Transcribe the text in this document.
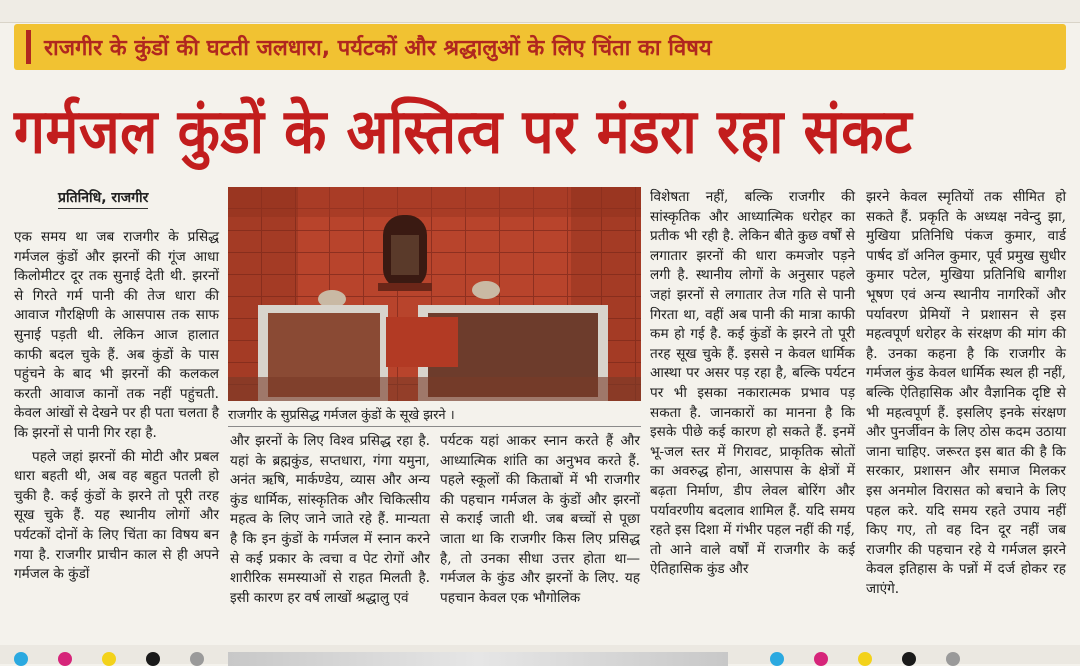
राजगीर के कुंडों की घटती जलधारा, पर्यटकों और श्रद्धालुओं के लिए चिंता का विषय
गर्मजल कुंडों के अस्तित्व पर मंडरा रहा संकट
प्रतिनिधि, राजगीर

एक समय था जब राजगीर के प्रसिद्ध गर्मजल कुंडों और झरनों की गूंज आधा किलोमीटर दूर तक सुनाई देती थी. झरनों से गिरते गर्म पानी की तेज धारा की आवाज गौरक्षिणी के आसपास तक साफ सुनाई पड़ती थी. लेकिन आज हालात काफी बदल चुके हैं. अब कुंडों के पास पहुंचने के बाद भी झरनों की कलकल करती आवाज कानों तक नहीं पहुंचती. केवल आंखों से देखने पर ही पता चलता है कि झरनों से पानी गिर रहा है.

पहले जहां झरनों की मोटी और प्रबल धारा बहती थी, अब वह बहुत पतली हो चुकी है. कई कुंडों के झरने तो पूरी तरह सूख चुके हैं. यह स्थानीय लोगों और पर्यटकों दोनों के लिए चिंता का विषय बन गया है. राजगीर प्राचीन काल से ही अपने गर्मजल के कुंडों

राजगीर के सुप्रसिद्ध गर्मजल कुंडों के सूखे झरने ।

और झरनों के लिए विश्व प्रसिद्ध रहा है. यहां के ब्रह्मकुंड, सप्तधारा, गंगा यमुना, अनंत ऋषि, मार्कण्डेय, व्यास और अन्य कुंड धार्मिक, सांस्कृतिक और चिकित्सीय महत्व के लिए जाने जाते रहे हैं. मान्यता है कि इन कुंडों के गर्मजल में स्नान करने से कई प्रकार के त्वचा व पेट रोगों और शारीरिक समस्याओं से राहत मिलती है. इसी कारण हर वर्ष लाखों श्रद्धालु एवं

पर्यटक यहां आकर स्नान करते हैं और आध्यात्मिक शांति का अनुभव करते हैं. पहले स्कूलों की किताबों में भी राजगीर की पहचान गर्मजल के कुंडों और झरनों से कराई जाती थी. जब बच्चों से पूछा जाता था कि राजगीर किस लिए प्रसिद्ध है, तो उनका सीधा उत्तर होता था—गर्मजल के कुंड और झरनों के लिए. यह पहचान केवल एक भौगोलिक

विशेषता नहीं, बल्कि राजगीर की सांस्कृतिक और आध्यात्मिक धरोहर का प्रतीक भी रही है. लेकिन बीते कुछ वर्षों से लगातार झरनों की धारा कमजोर पड़ने लगी है. स्थानीय लोगों के अनुसार पहले जहां झरनों से लगातार तेज गति से पानी गिरता था, वहीं अब पानी की मात्रा काफी कम हो गई है. कई कुंडों के झरने तो पूरी तरह सूख चुके हैं. इससे न केवल धार्मिक आस्था पर असर पड़ रहा है, बल्कि पर्यटन पर भी इसका नकारात्मक प्रभाव पड़ सकता है. जानकारों का मानना है कि इसके पीछे कई कारण हो सकते हैं. इनमें भू-जल स्तर में गिरावट, प्राकृतिक स्रोतों का अवरुद्ध होना, आसपास के क्षेत्रों में बढ़ता निर्माण, डीप लेवल बोरिंग और पर्यावरणीय बदलाव शामिल हैं. यदि समय रहते इस दिशा में गंभीर पहल नहीं की गई, तो आने वाले वर्षों में राजगीर के कई ऐतिहासिक कुंड और

झरने केवल स्मृतियों तक सीमित हो सकते हैं. प्रकृति के अध्यक्ष नवेन्दु झा, मुखिया प्रतिनिधि पंकज कुमार, वार्ड पार्षद डॉ अनिल कुमार, पूर्व प्रमुख सुधीर कुमार पटेल, मुखिया प्रतिनिधि बागीश भूषण एवं अन्य स्थानीय नागरिकों और पर्यावरण प्रेमियों ने प्रशासन से इस महत्वपूर्ण धरोहर के संरक्षण की मांग की है. उनका कहना है कि राजगीर के गर्मजल कुंड केवल धार्मिक स्थल ही नहीं, बल्कि ऐतिहासिक और वैज्ञानिक दृष्टि से भी महत्वपूर्ण हैं. इसलिए इनके संरक्षण और पुनर्जीवन के लिए ठोस कदम उठाया जाना चाहिए. जरूरत इस बात की है कि सरकार, प्रशासन और समाज मिलकर इस अनमोल विरासत को बचाने के लिए पहल करे. यदि समय रहते उपाय नहीं किए गए, तो वह दिन दूर नहीं जब राजगीर की पहचान रहे ये गर्मजल झरने केवल इतिहास के पन्नों में दर्ज होकर रह जाएंगे.
